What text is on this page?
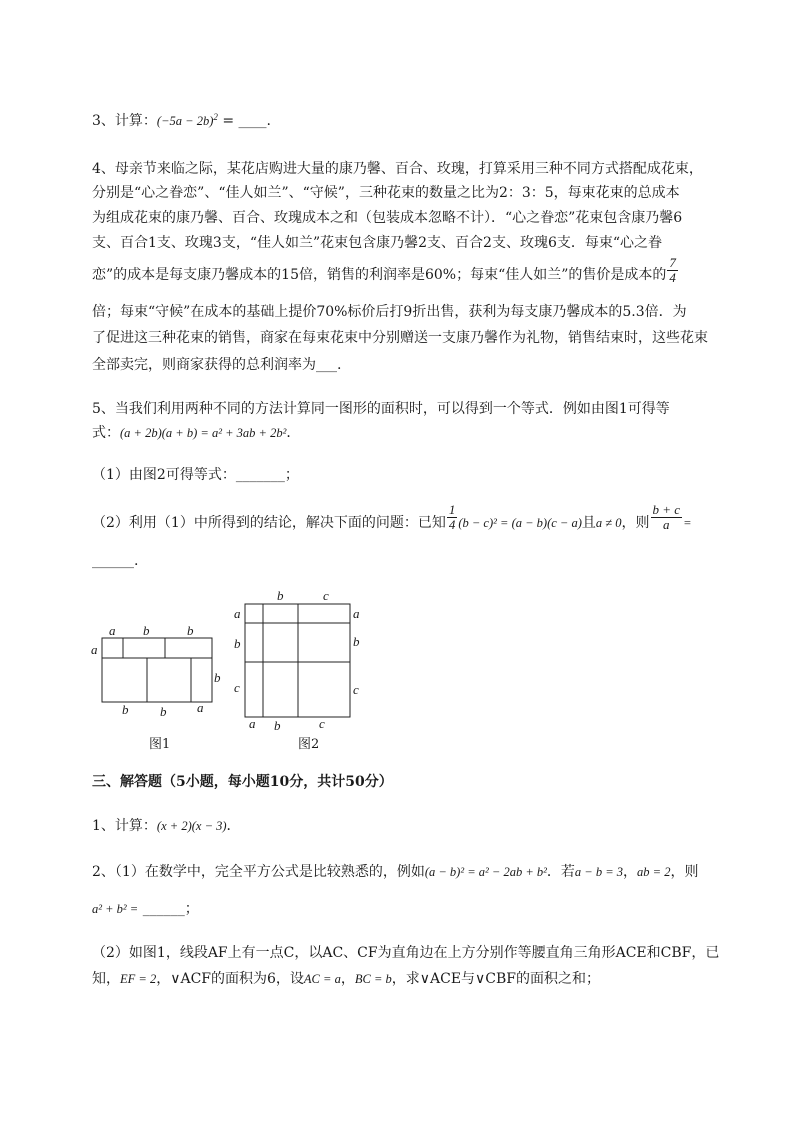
3、计算：$(-5a - 2b)^2$ = ____.
4、母亲节来临之际，某花店购进大量的康乃馨、百合、玫瑰，打算采用三种不同方式搭配成花束，
分别是“心之眷恋”、“佳人如兰”、“守候”，三种花束的数量之比为2：3：5，每束花束的总成本
为组成花束的康乃馨、百合、玫瑰成本之和（包装成本忽略不计）．“心之眷恋”花束包含康乃馨6
支、百合1支、玫瑰3支，“佳人如兰”花束包含康乃馨2支、百合2支、玫瑰6支．每束“心之眷
恋”的成本是每支康乃馨成本的15倍，销售的利润率是60%；每束“佳人如兰”的售价是成本的 $\frac{7}{4}$
倍；每束“守候”在成本的基础上提价70%标价后打9折出售，获利为每支康乃馨成本的5.3倍．为
了促进这三种花束的销售，商家在每束花束中分别赠送一支康乃馨作为礼物，销售结束时，这些花束
全部卖完，则商家获得的总利润率为___.
5、当我们利用两种不同的方法计算同一图形的面积时，可以得到一个等式．例如由图1可得等
式：(a + 2b)(a + b) = a² + 3ab + 2b²．
（1）由图2可得等式：_______；
（2）利用（1）中所得到的结论，解决下面的问题：已知 $\frac{1}{4} (b - c)^2 = (a - b)(c - a)$且a ≠ 0，则 $\frac{b + c}{a}$ =
______.
a b	b
a
b
b b a
图1
b	c
a
b
c
a
b
c
a b	c
图2
三、解答题（5小题，每小题10分，共计50分）
1、计算：(x + 2)(x − 3)．
2、（1）在数学中，完全平方公式是比较熟悉的，例如(a − b)² = a² − 2ab + b²．若a − b = 3，ab = 2，则
a² + b² = ______；
（2）如图1，线段AF上有一点C，以AC、CF为直角边在上方分别作等腰直角三角形ACE和CBF，已
知，EF = 2，∨ACF的面积为6，设AC = a，BC = b，求∨ACE与∨CBF的面积之和；
